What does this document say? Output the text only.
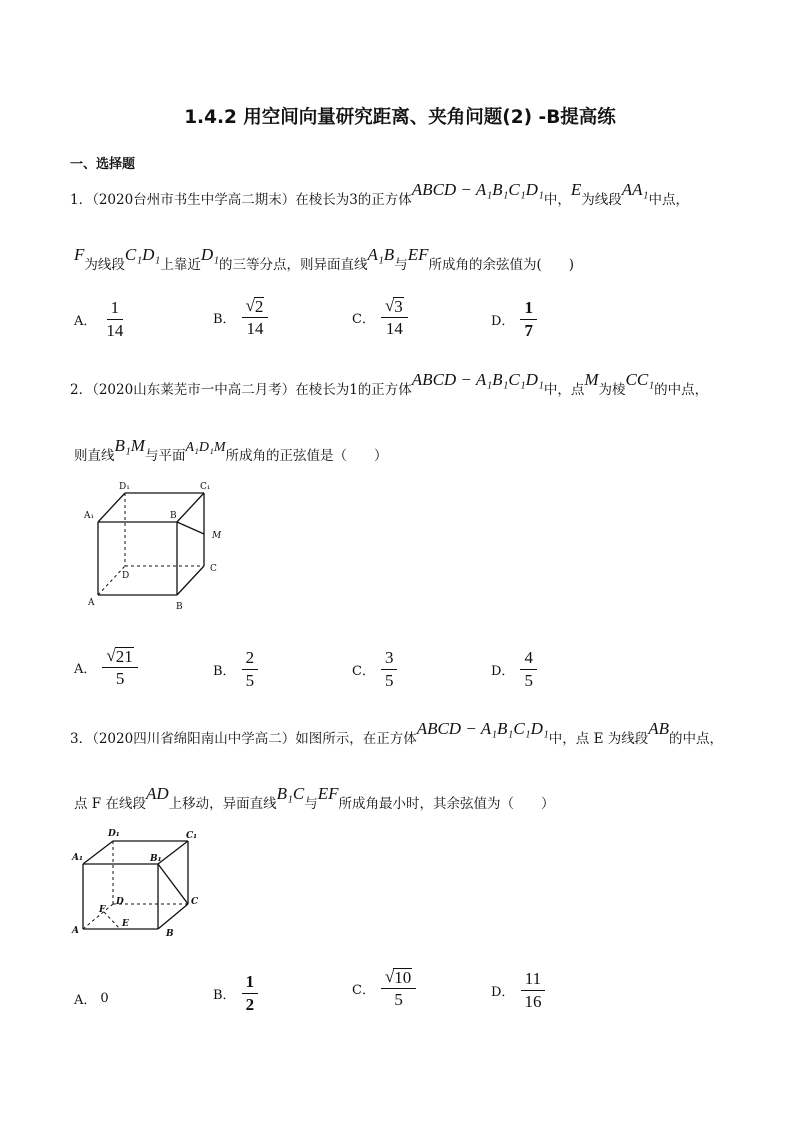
1.4.2 用空间向量研究距离、夹角问题(2) -B提高练
一、选择题
1．（2020台州市书生中学高二期末）在棱长为3的正方体ABCD − A₁B₁C₁D₁中，E为线段AA₁中点，
F为线段C₁D₁上靠近D₁的三等分点，则异面直线A₁B与EF所成角的余弦值为(　　)
A． $\frac{1}{14}$	B． $\frac{√ 2}{14}$	C． $\frac{√ 3}{14}$	D． $\frac{1}{7}$
2．（2020山东莱芜市一中高二月考）在棱长为1的正方体ABCD − A₁B₁C₁D₁中，点M为棱CC₁的中点，
则直线B₁M与平面A₁D₁M所成角的正弦值是（　　）
A₁
D₁	C₁
B
M
D
C
A	B
A． $\frac{√ 21}{5}$	B． $\frac{2}{5}$	C． $\frac{3}{5}$	D． $\frac{4}{5}$
3．（2020四川省绵阳南山中学高二）如图所示，在正方体ABCD − A₁B₁C₁D₁中，点 E 为线段AB的中点，
点 F 在线段AD上移动，异面直线B₁C与EF所成角最小时，其余弦值为（　　）
D₁	C₁
A₁	B₁
F
D	C
A
E
B
A． 0	B． $\frac{1}{2}$	C． $\frac{√ 10}{5}$	D． $\frac{11}{16}$
